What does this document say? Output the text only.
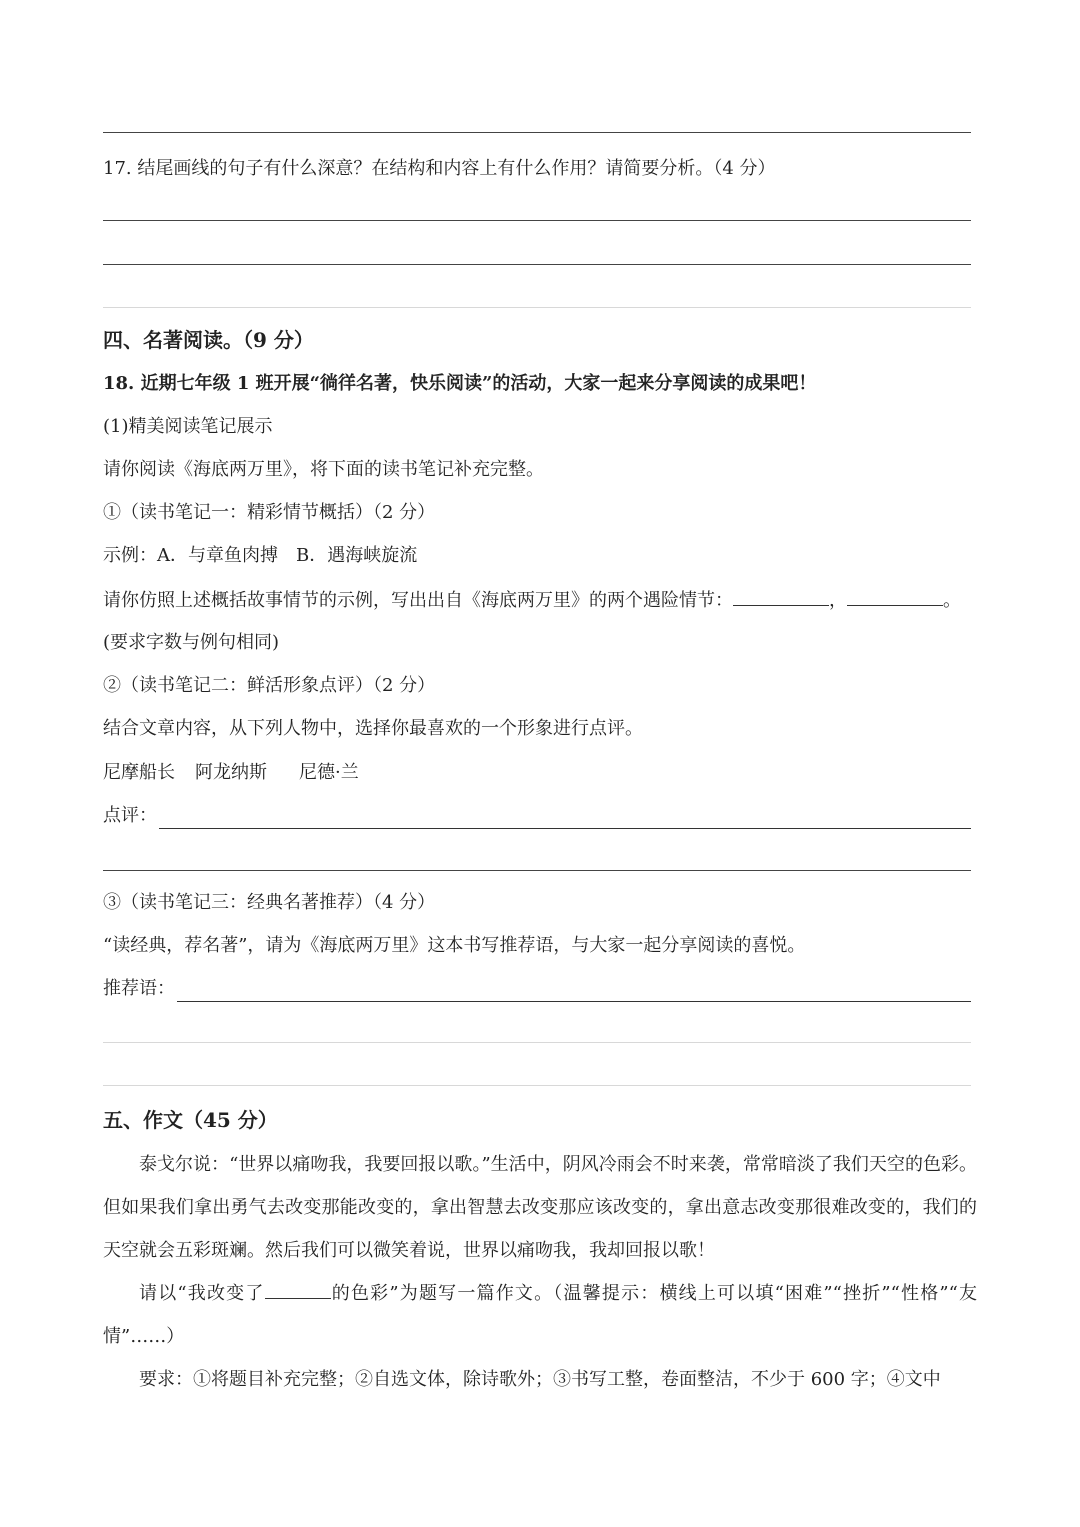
17. 结尾画线的句子有什么深意？在结构和内容上有什么作用？请简要分析。（4 分）
四、名著阅读。（9 分）
18. 近期七年级 1 班开展“徜徉名著，快乐阅读”的活动，大家一起来分享阅读的成果吧！
(1)精美阅读笔记展示
请你阅读《海底两万里》，将下面的读书笔记补充完整。
①（读书笔记一：精彩情节概括）（2 分）
示例：A．与章鱼肉搏　B．遇海峡旋流
请你仿照上述概括故事情节的示例，写出出自《海底两万里》的两个遇险情节：	，	。
(要求字数与例句相同)
②（读书笔记二：鲜活形象点评）（2 分）
结合文章内容，从下列人物中，选择你最喜欢的一个形象进行点评。
尼摩船长 阿龙纳斯 尼德·兰
点评：
③（读书笔记三：经典名著推荐）（4 分）
“读经典，荐名著”，请为《海底两万里》这本书写推荐语，与大家一起分享阅读的喜悦。
推荐语：
五、作文（45 分）
泰戈尔说：“世界以痛吻我，我要回报以歌。”生活中，阴风冷雨会不时来袭，常常暗淡了我们天空的色彩。但如果我们拿出勇气去改变那能改变的，拿出智慧去改变那应该改变的，拿出意志改变那很难改变的，我们的天空就会五彩斑斓。然后我们可以微笑着说，世界以痛吻我，我却回报以歌！
请以“我改变了	的色彩”为题写一篇作文。（温馨提示：横线上可以填“困难”“挫折”“性格”“友情”……）
要求：①将题目补充完整；②自选文体，除诗歌外；③书写工整，卷面整洁，不少于 600 字；④文中
